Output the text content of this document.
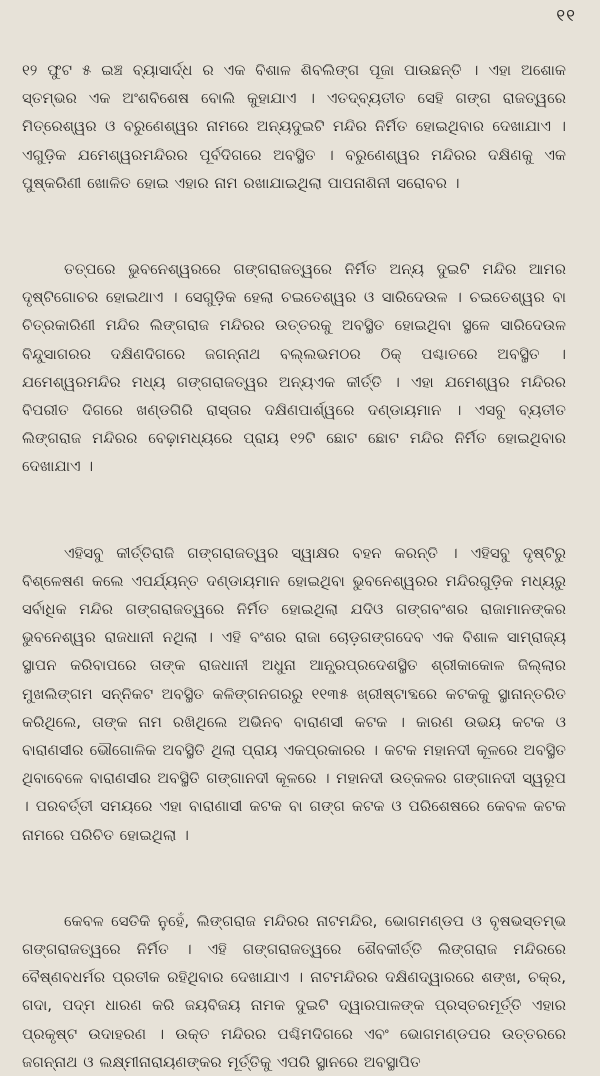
୧୧

୧୨ ଫୁଟ ୫ ଇଞ୍ଚ ବ୍ୟାସାର୍ଦ୍ଧ ର ଏକ ବିଶାଳ ଶିବଲିଙ୍ଗ ପୂଜା ପାଉଛନ୍ତି । ଏହା ଅଶୋକ ସ୍ତମ୍ଭର ଏକ ଅଂଶବିଶେଷ ବୋଲି କୁହାଯାଏ । ଏତଦ୍‌ବ୍ୟତୀତ ସେହି ଗଙ୍ଗ ରାଜତ୍ୱରେ ମିତ୍ରେଶ୍ୱର ଓ ବରୁଣେଶ୍ୱର ନାମରେ ଅନ୍ୟଦୁଇଟି ମନ୍ଦିର ନିର୍ମିତ ହୋଇଥିବାର ଦେଖାଯାଏ । ଏଗୁଡ଼ିକ ଯମେଶ୍ୱରମନ୍ଦିରର ପୂର୍ବଦିଗରେ ଅବସ୍ଥିତ । ବରୁଣେଶ୍ୱର ମନ୍ଦିରର ଦକ୍ଷିଣକୁ ଏକ ପୁଷ୍କରିଣୀ ଖୋଳିତ ହୋଇ ଏହାର ନାମ ରଖାଯାଇଥିଲା ପାପନାଶିନୀ ସରୋବର ।

ତତ୍ପରେ ଭୁବନେଶ୍ୱରରେ ଗଙ୍ଗରାଜତ୍ୱରେ ନିର୍ମିତ ଅନ୍ୟ ଦୁଇଟି ମନ୍ଦିର ଆମର ଦୃଷ୍ଟିଗୋଚର ହୋଇଥାଏ । ସେଗୁଡ଼ିକ ହେଲା ଚଇତେଶ୍ୱର ଓ ସାରିଦେଉଳ । ଚଇତେଶ୍ୱର ବା ଚିତ୍ରକାରିଣୀ ମନ୍ଦିର ଲିଙ୍ଗରାଜ ମନ୍ଦିରର ଉତ୍ତରକୁ ଅବସ୍ଥିତ ହୋଇଥିବା ସ୍ଥଳେ ସାରିଦେଉଳ ବିନ୍ଦୁସାଗରର ଦକ୍ଷିଣଦିଗରେ ଜଗନ୍ନାଥ ବଲ୍ଲଭମଠର ଠିକ୍ ପଶ୍ଚାତରେ ଅବସ୍ଥିତ । ଯମେଶ୍ୱରମନ୍ଦିର ମଧ୍ୟ ଗଙ୍ଗରାଜତ୍ୱର ଅନ୍ୟଏକ କୀର୍ତ୍ତି । ଏହା ଯମେଶ୍ୱର ମନ୍ଦିରର ବିପରୀତ ଦିଗରେ ଖଣ୍ଡଗିରି ରାସ୍ତାର ଦକ୍ଷିଣପାର୍ଶ୍ୱରେ ଦଣ୍ଡାୟମାନ । ଏସବୁ ବ୍ୟତୀତ ଲିଙ୍ଗରାଜ ମନ୍ଦିରର ବେଢ଼ାମଧ୍ୟରେ ପ୍ରାୟ ୧୨ଟି ଛୋଟ ଛୋଟ ମନ୍ଦିର ନିର୍ମିତ ହୋଇଥିବାର ଦେଖାଯାଏ ।

ଏହିସବୁ କୀର୍ତ୍ତିରାଜି ଗଙ୍ଗରାଜତ୍ୱର ସ୍ୱାକ୍ଷର ବହନ କରନ୍ତି । ଏହିସବୁ ଦୃଷ୍ଟିରୁ ବିଶ୍ଳେଷଣ କଲେ ଏପର୍ଯ୍ୟନ୍ତ ଦଣ୍ଡାୟମାନ ହୋଇଥିବା ଭୁବନେଶ୍ୱରର ମନ୍ଦିରଗୁଡ଼ିକ ମଧ୍ୟରୁ ସର୍ବାଧିକ ମନ୍ଦିର ଗଙ୍ଗରାଜତ୍ୱରେ ନିର୍ମିତ ହୋଇଥିଲା ଯଦିଓ ଗଙ୍ଗବଂଶର ରାଜାମାନଙ୍କର ଭୁବନେଶ୍ୱର ରାଜଧାନୀ ନଥିଲା । ଏହି ବଂଶର ରାଜା ଚୋଡ଼ଗଙ୍ଗଦେବ ଏକ ବିଶାଳ ସାମ୍ରାଜ୍ୟ ସ୍ଥାପନ କରିବାପରେ ତାଙ୍କ ରାଜଧାନୀ ଅଧୁନା ଆନ୍ଧ୍ରପ୍ରଦେଶସ୍ଥିତ ଶ୍ରୀକାକୋଳ ଜିଲ୍ଲାର ମୁଖଲିଙ୍ଗମ ସନ୍ନିକଟ ଅବସ୍ଥିତ କଳିଙ୍ଗନଗରରୁ ୧୧୩୫ ଖ୍ରୀଷ୍ଟାବ୍ଦରେ କଟକକୁ ସ୍ଥାନାନ୍ତରିତ କରିଥିଲେ, ତାଙ୍କ ନାମ ରଖିଥିଲେ ଅଭିନବ ବାରାଣସୀ କଟକ । କାରଣ ଉଭୟ କଟକ ଓ ବାରାଣସୀର ଭୌଗୋଳିକ ଅବସ୍ଥିତି ଥିଲା ପ୍ରାୟ ଏକପ୍ରକାରର । କଟକ ମହାନଦୀ କୂଳରେ ଅବସ୍ଥିତ ଥିବାବେଳେ ବାରାଣସୀର ଅବସ୍ଥିତି ଗଙ୍ଗାନଦୀ କୂଳରେ । ମହାନଦୀ ଉତ୍କଳର ଗଙ୍ଗାନଦୀ ସ୍ୱରୂପ । ପରବର୍ତ୍ତୀ ସମୟରେ ଏହା ବାରାଣାସୀ କଟକ ବା ଗଙ୍ଗ କଟକ ଓ ପରିଶେଷରେ କେବଳ କଟକ ନାମରେ ପରିଚିତ ହୋଇଥିଲା ।

କେବଳ ସେତିକି ନୁହେଁ, ଲିଙ୍ଗରାଜ ମନ୍ଦିରର ନାଟମନ୍ଦିର, ଭୋଗମଣ୍ଡପ ଓ ବୃଷଭସ୍ତମ୍ଭ ଗଙ୍ଗରାଜତ୍ୱରେ ନିର୍ମିତ । ଏହି ଗଙ୍ଗରାଜତ୍ୱରେ ଶୈବକୀର୍ତ୍ତି ଲିଙ୍ଗରାଜ ମନ୍ଦିରରେ ବୈଷ୍ଣବଧର୍ମର ପ୍ରତୀକ ରହିଥିବାର ଦେଖାଯାଏ । ନାଟମନ୍ଦିରର ଦକ୍ଷିଣଦ୍ୱାରରେ ଶଙ୍ଖ, ଚକ୍ର, ଗଦା, ପଦ୍ମ ଧାରଣ କରି ଜୟ‌ବିଜୟ ନାମକ ଦୁଇଟି ଦ୍ୱାରପାଳଙ୍କ ପ୍ରସ୍ତରମୂର୍ତ୍ତି ଏହାର ପ୍ରକୃଷ୍ଟ ଉଦାହରଣ । ଉକ୍ତ ମନ୍ଦିରର ପଶ୍ଚିମଦିଗରେ ଏବଂ ଭୋଗମଣ୍ଡପର ଉତ୍ତରରେ ଜଗନ୍ନାଥ ଓ ଲକ୍ଷ୍ମୀନାରାୟଣଙ୍କର ମୂର୍ତ୍ତିକୁ ଏପରି ସ୍ଥାନରେ ଅବସ୍ଥାପିତ
